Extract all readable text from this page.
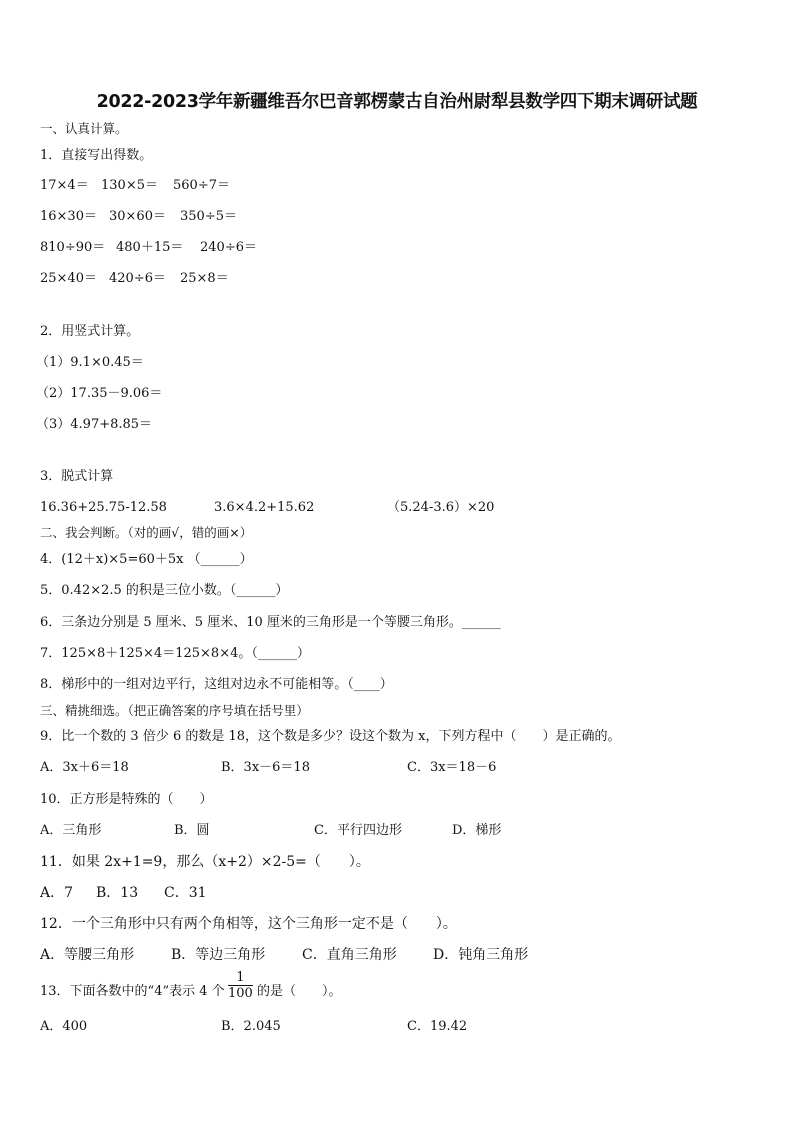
2022-2023学年新疆维吾尔巴音郭楞蒙古自治州尉犁县数学四下期末调研试题
一、认真计算。
1．直接写出得数。
17×4＝ 130×5＝ 560÷7＝
16×30＝ 30×60＝ 350÷5＝
810÷90＝ 480＋15＝ 240÷6＝
25×40＝ 420÷6＝ 25×8＝
2．用竖式计算。
（1）9.1×0.45＝
（2）17.35－9.06＝
（3）4.97+8.85＝
3．脱式计算
16.36+25.75-12.58	3.6×4.2+15.62	（5.24-3.6）×20
二、我会判断。（对的画√，错的画×）
4．(12＋x)×5=60＋5x （______）
5．0.42×2.5 的积是三位小数。（______）
6．三条边分别是 5 厘米、5 厘米、10 厘米的三角形是一个等腰三角形。______
7．125×8＋125×4＝125×8×4。（______）
8．梯形中的一组对边平行，这组对边永不可能相等。（____）
三、精挑细选。（把正确答案的序号填在括号里）
9．比一个数的 3 倍少 6 的数是 18，这个数是多少？设这个数为 x，下列方程中（　　）是正确的。
A．3x＋6＝18	B．3x－6＝18	C．3x＝18－6
10．正方形是特殊的（　　）
A．三角形	B．圆	C．平行四边形	D．梯形
11．如果 2x+1=9，那么（x+2）×2-5=（　　）。
A．7 B．13 C．31
12．一个三角形中只有两个角相等，这个三角形一定不是（　　）。
A．等腰三角形	B．等边三角形	C．直角三角形	D．钝角三角形
13．下面各数中的“4”表示 4 个 $\frac{1}{100}$ 的是（　　）。
A．400	B．2.045	C．19.42
